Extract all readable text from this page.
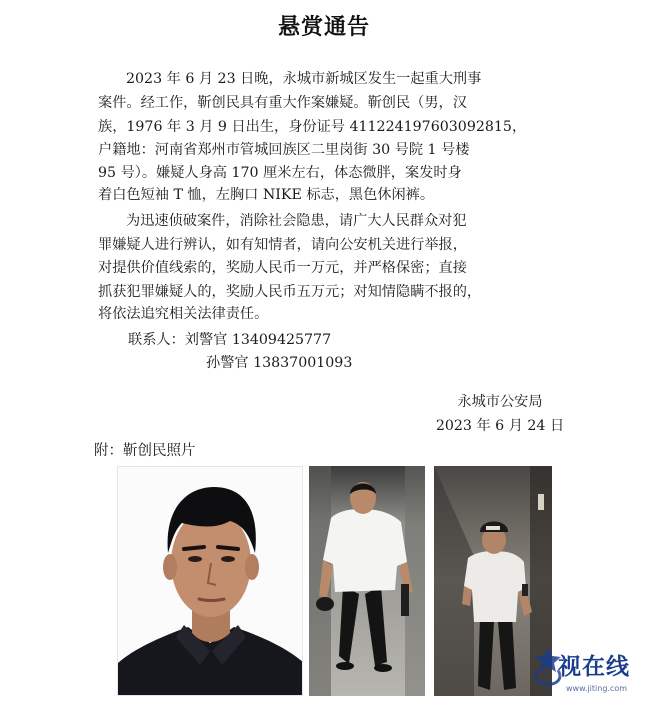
悬赏通告
2023 年 6 月 23 日晚，永城市新城区发生一起重大刑事
案件。经工作，靳创民具有重大作案嫌疑。靳创民（男，汉
族，1976 年 3 月 9 日出生，身份证号 411224197603092815，
户籍地：河南省郑州市管城回族区二里岗街 30 号院 1 号楼
95 号）。嫌疑人身高 170 厘米左右，体态微胖，案发时身
着白色短袖 T 恤，左胸口 NIKE 标志，黑色休闲裤。
为迅速侦破案件，消除社会隐患，请广大人民群众对犯
罪嫌疑人进行辨认，如有知情者，请向公安机关进行举报，
对提供价值线索的，奖励人民币一万元，并严格保密；直接
抓获犯罪嫌疑人的，奖励人民币五万元；对知情隐瞒不报的，
将依法追究相关法律责任。
联系人：刘警官 13409425777
孙警官 13837001093
永城市公安局
2023 年 6 月 24 日
附：靳创民照片
视在线
www.jiting.com
